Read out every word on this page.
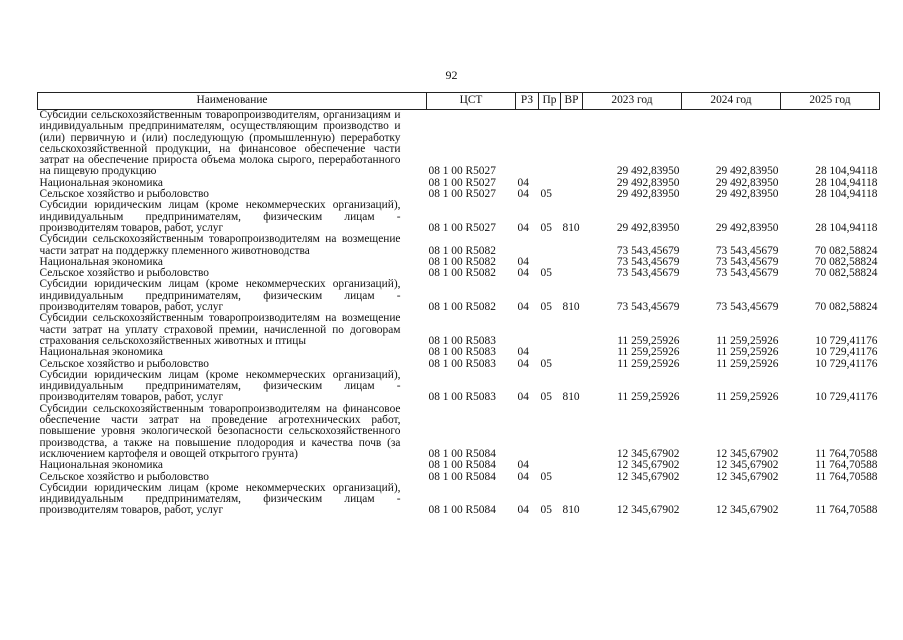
92
Наименование	ЦСТ	РЗ	Пр	ВР	2023 год	2024 год	2025 год
Субсидии сельскохозяйственным товаропроизводителям, организациям и индивидуальным предпринимателям, осуществляющим производство и (или) первичную и (или) последующую (промышленную) переработку сельскохозяйственной продукции, на финансовое обеспечение части затрат на обеспечение прироста объема молока сырого, переработанного на пищевую продукцию	08 1 00 R5027				29 492,83950	29 492,83950	28 104,94118
Национальная экономика	08 1 00 R5027	04			29 492,83950	29 492,83950	28 104,94118
Сельское хозяйство и рыболовство	08 1 00 R5027	04	05		29 492,83950	29 492,83950	28 104,94118
Субсидии юридическим лицам (кроме некоммерческих организаций), индивидуальным предпринимателям, физическим лицам - производителям товаров, работ, услуг	08 1 00 R5027	04	05	810	29 492,83950	29 492,83950	28 104,94118
Субсидии сельскохозяйственным товаропроизводителям на возмещение части затрат на поддержку племенного животноводства	08 1 00 R5082				73 543,45679	73 543,45679	70 082,58824
Национальная экономика	08 1 00 R5082	04			73 543,45679	73 543,45679	70 082,58824
Сельское хозяйство и рыболовство	08 1 00 R5082	04	05		73 543,45679	73 543,45679	70 082,58824
Субсидии юридическим лицам (кроме некоммерческих организаций), индивидуальным предпринимателям, физическим лицам - производителям товаров, работ, услуг	08 1 00 R5082	04	05	810	73 543,45679	73 543,45679	70 082,58824
Субсидии сельскохозяйственным товаропроизводителям на возмещение части затрат на уплату страховой премии, начисленной по договорам страхования сельскохозяйственных животных и птицы	08 1 00 R5083				11 259,25926	11 259,25926	10 729,41176
Национальная экономика	08 1 00 R5083	04			11 259,25926	11 259,25926	10 729,41176
Сельское хозяйство и рыболовство	08 1 00 R5083	04	05		11 259,25926	11 259,25926	10 729,41176
Субсидии юридическим лицам (кроме некоммерческих организаций), индивидуальным предпринимателям, физическим лицам - производителям товаров, работ, услуг	08 1 00 R5083	04	05	810	11 259,25926	11 259,25926	10 729,41176
Субсидии сельскохозяйственным товаропроизводителям на финансовое обеспечение части затрат на проведение агротехнических работ, повышение уровня экологической безопасности сельскохозяйственного производства, а также на повышение плодородия и качества почв (за исключением картофеля и овощей открытого грунта)	08 1 00 R5084				12 345,67902	12 345,67902	11 764,70588
Национальная экономика	08 1 00 R5084	04			12 345,67902	12 345,67902	11 764,70588
Сельское хозяйство и рыболовство	08 1 00 R5084	04	05		12 345,67902	12 345,67902	11 764,70588
Субсидии юридическим лицам (кроме некоммерческих организаций), индивидуальным предпринимателям, физическим лицам - производителям товаров, работ, услуг	08 1 00 R5084	04	05	810	12 345,67902	12 345,67902	11 764,70588
